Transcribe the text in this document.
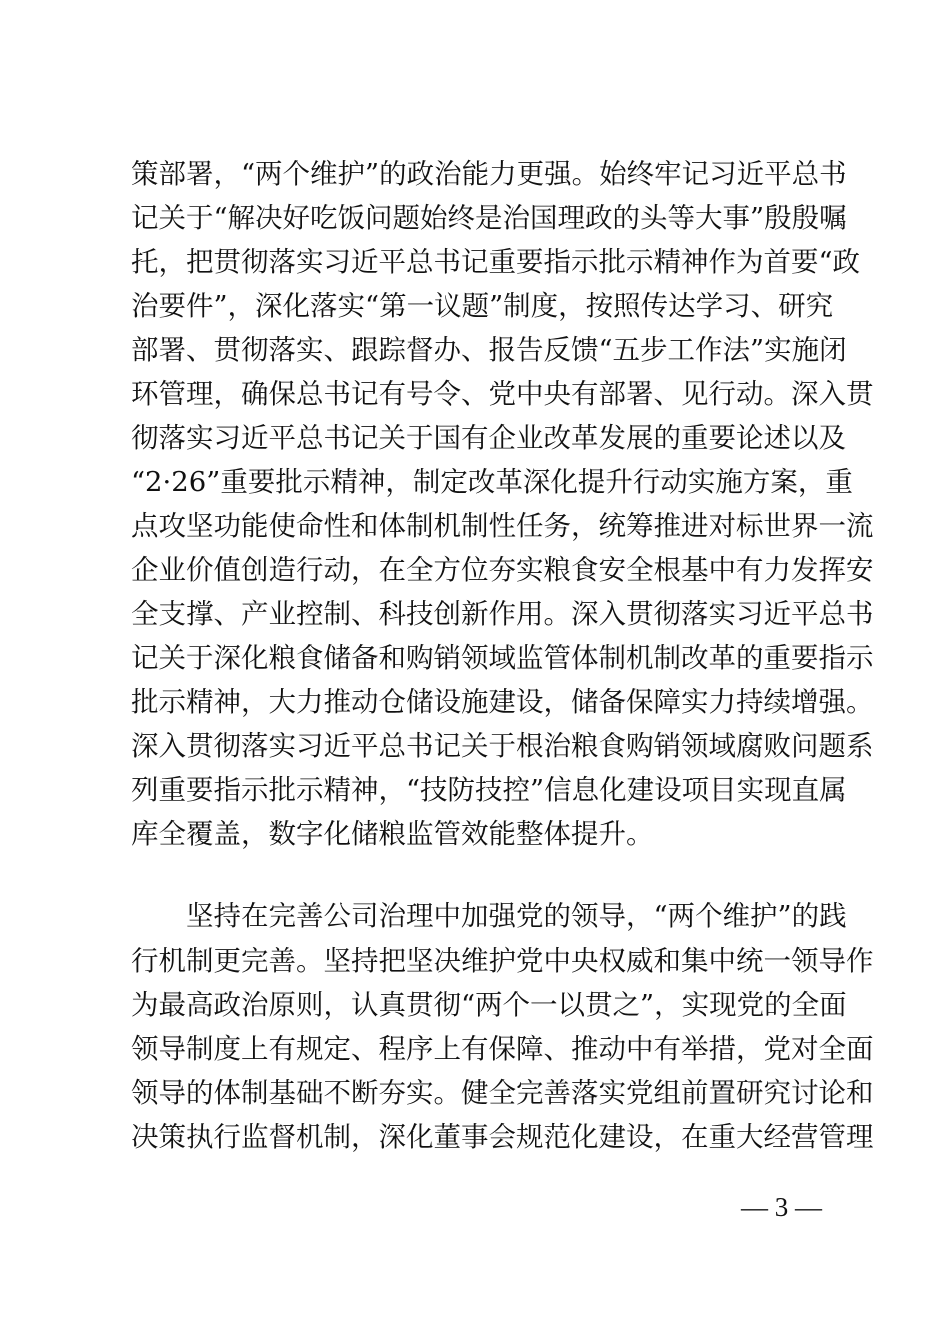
策部署，“两个维护”的政治能力更强。始终牢记习近平总书
记关于“解决好吃饭问题始终是治国理政的头等大事”殷殷嘱
托，把贯彻落实习近平总书记重要指示批示精神作为首要“政
治要件”，深化落实“第一议题”制度，按照传达学习、研究
部署、贯彻落实、跟踪督办、报告反馈“五步工作法”实施闭
环管理，确保总书记有号令、党中央有部署、见行动。深入贯
彻落实习近平总书记关于国有企业改革发展的重要论述以及
“2·26”重要批示精神，制定改革深化提升行动实施方案，重
点攻坚功能使命性和体制机制性任务，统筹推进对标世界一流
企业价值创造行动，在全方位夯实粮食安全根基中有力发挥安
全支撑、产业控制、科技创新作用。深入贯彻落实习近平总书
记关于深化粮食储备和购销领域监管体制机制改革的重要指示
批示精神，大力推动仓储设施建设，储备保障实力持续增强。
深入贯彻落实习近平总书记关于根治粮食购销领域腐败问题系
列重要指示批示精神，“技防技控”信息化建设项目实现直属
库全覆盖，数字化储粮监管效能整体提升。
　　坚持在完善公司治理中加强党的领导，“两个维护”的践
行机制更完善。坚持把坚决维护党中央权威和集中统一领导作
为最高政治原则，认真贯彻“两个一以贯之”，实现党的全面
领导制度上有规定、程序上有保障、推动中有举措，党对全面
领导的体制基础不断夯实。健全完善落实党组前置研究讨论和
决策执行监督机制，深化董事会规范化建设，在重大经营管理
— 3 —
